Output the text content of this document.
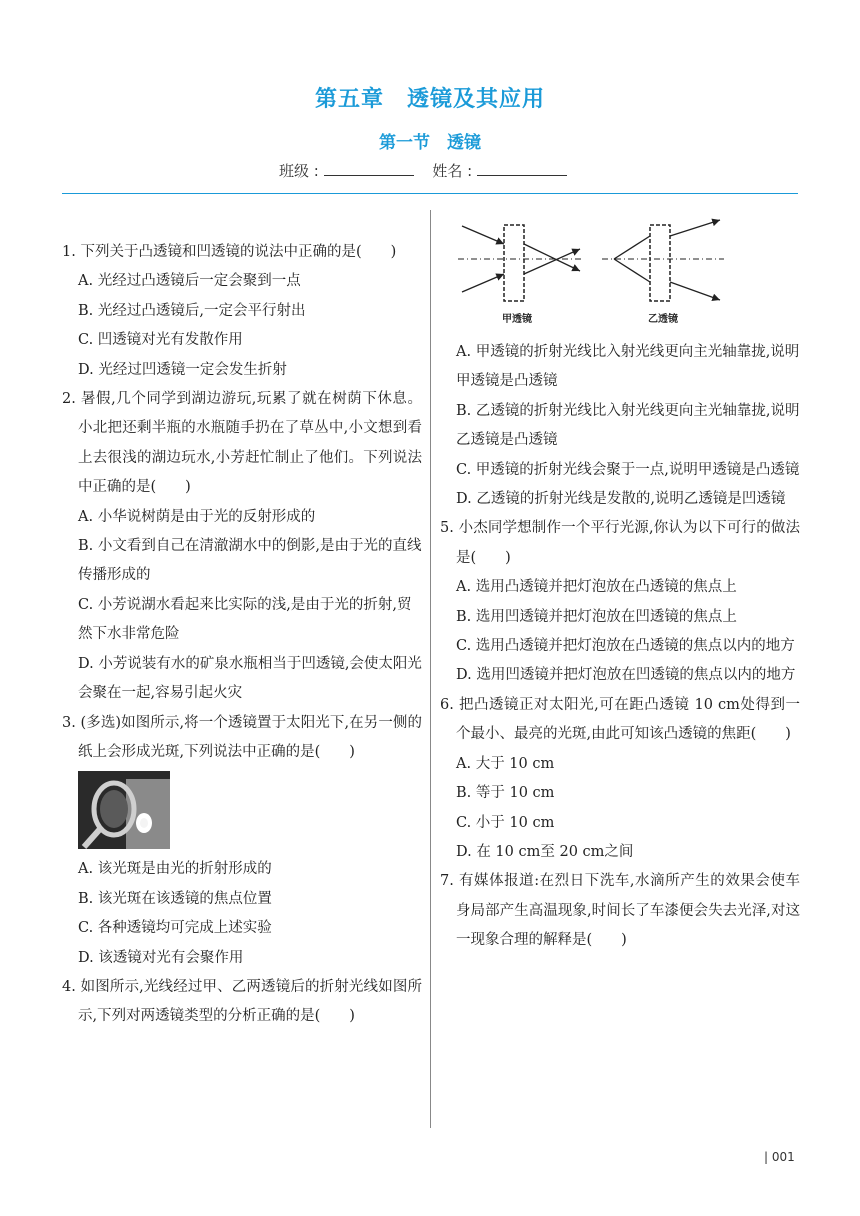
第五章　透镜及其应用
第一节　透镜
班级 :	姓名 :
1. 下列关于凸透镜和凹透镜的说法中正确的是(　　)
A. 光经过凸透镜后一定会聚到一点
B. 光经过凸透镜后,一定会平行射出
C. 凹透镜对光有发散作用
D. 光经过凹透镜一定会发生折射
2. 暑假,几个同学到湖边游玩,玩累了就在树荫下休息。小北把还剩半瓶的水瓶随手扔在了草丛中,小文想到看上去很浅的湖边玩水,小芳赶忙制止了他们。下列说法中正确的是(　　)
A. 小华说树荫是由于光的反射形成的
B. 小文看到自己在清澈湖水中的倒影,是由于光的直线传播形成的
C. 小芳说湖水看起来比实际的浅,是由于光的折射,贸然下水非常危险
D. 小芳说装有水的矿泉水瓶相当于凹透镜,会使太阳光会聚在一起,容易引起火灾
3. (多选)如图所示,将一个透镜置于太阳光下,在另一侧的纸上会形成光斑,下列说法中正确的是(　　)
A. 该光斑是由光的折射形成的
B. 该光斑在该透镜的焦点位置
C. 各种透镜均可完成上述实验
D. 该透镜对光有会聚作用
4. 如图所示,光线经过甲、乙两透镜后的折射光线如图所示,下列对两透镜类型的分析正确的是(　　)
甲透镜	乙透镜
A. 甲透镜的折射光线比入射光线更向主光轴靠拢,说明甲透镜是凸透镜
B. 乙透镜的折射光线比入射光线更向主光轴靠拢,说明乙透镜是凸透镜
C. 甲透镜的折射光线会聚于一点,说明甲透镜是凸透镜
D. 乙透镜的折射光线是发散的,说明乙透镜是凹透镜
5. 小杰同学想制作一个平行光源,你认为以下可行的做法是(　　)
A. 选用凸透镜并把灯泡放在凸透镜的焦点上
B. 选用凹透镜并把灯泡放在凹透镜的焦点上
C. 选用凸透镜并把灯泡放在凸透镜的焦点以内的地方
D. 选用凹透镜并把灯泡放在凹透镜的焦点以内的地方
6. 把凸透镜正对太阳光,可在距凸透镜 10 cm处得到一个最小、最亮的光斑,由此可知该凸透镜的焦距(　　)
A. 大于 10 cm
B. 等于 10 cm
C. 小于 10 cm
D. 在 10 cm至 20 cm之间
7. 有媒体报道:在烈日下洗车,水滴所产生的效果会使车身局部产生高温现象,时间长了车漆便会失去光泽,对这一现象合理的解释是(　　)
| 001
